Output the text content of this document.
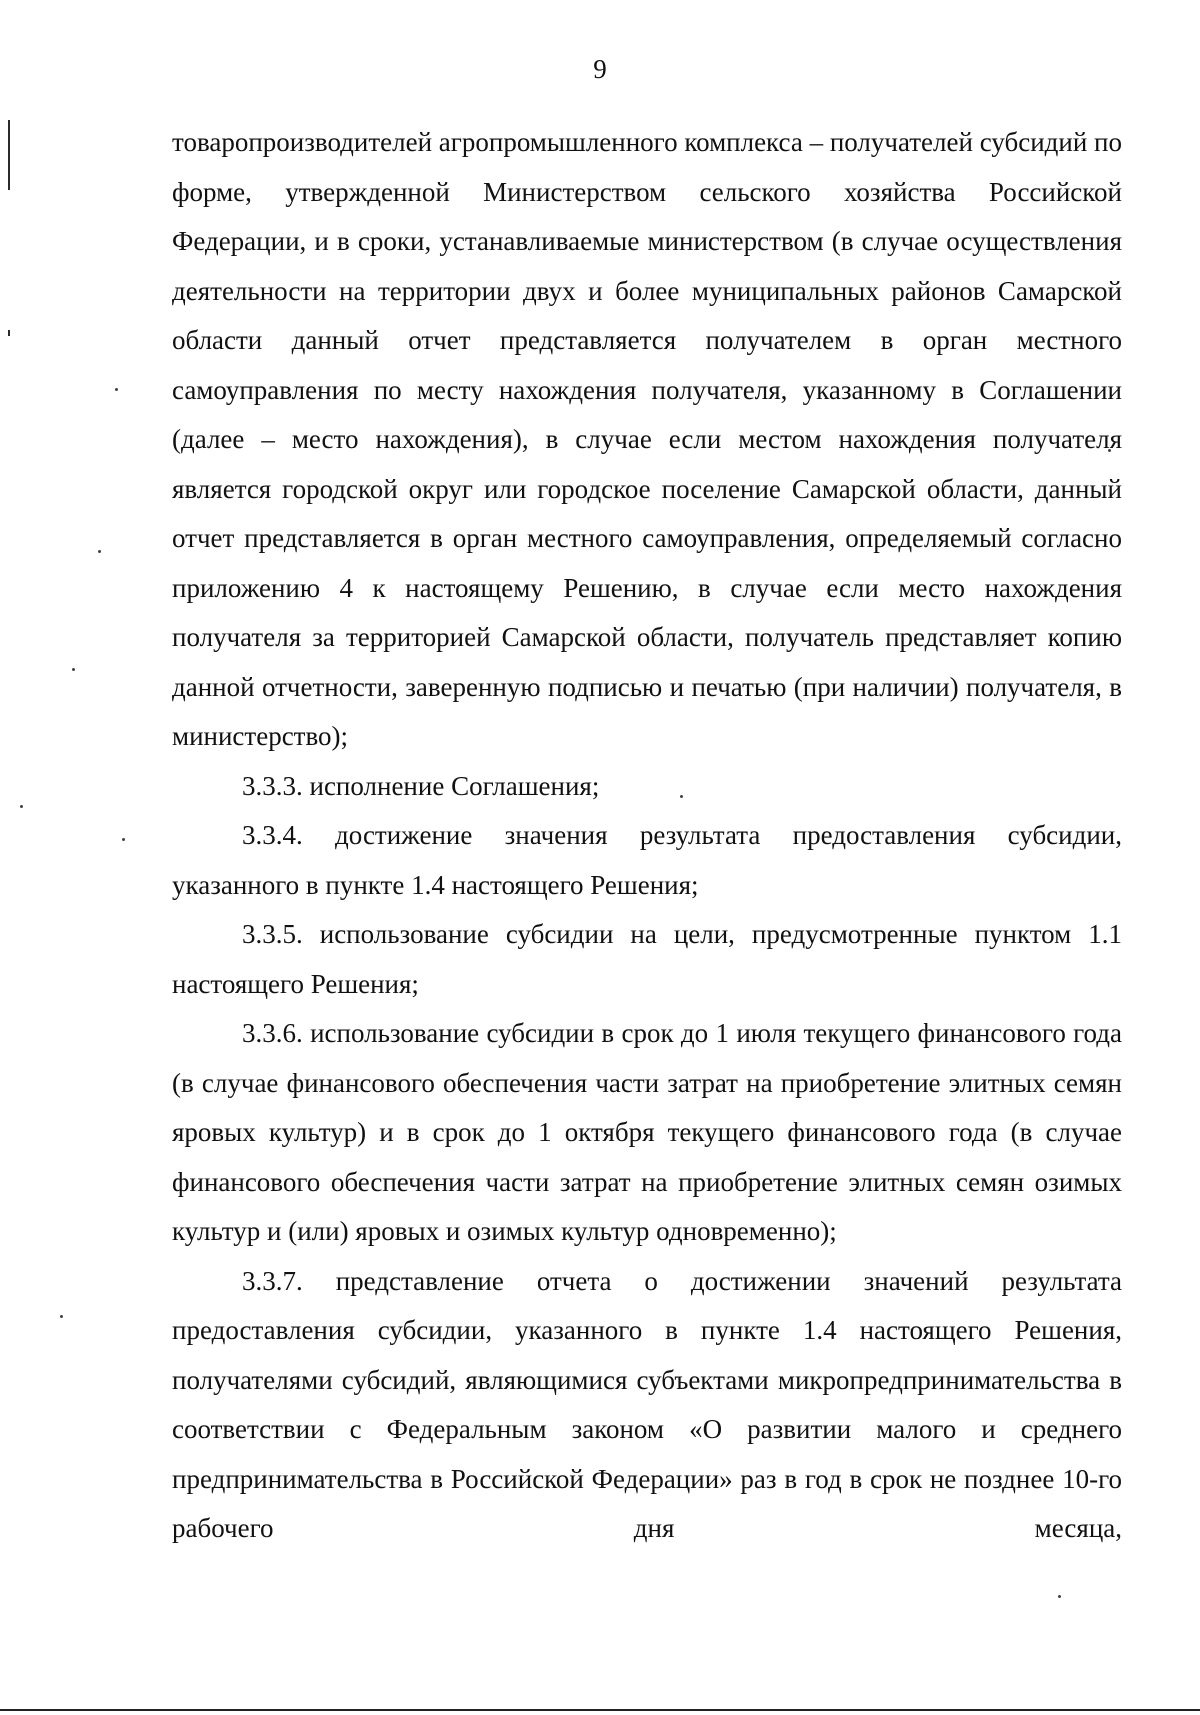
9

товаропроизводителей агропромышленного комплекса – получателей субсидий по форме, утвержденной Министерством сельского хозяйства Российской Федерации, и в сроки, устанавливаемые министерством (в случае осуществления деятельности на территории двух и более муниципальных районов Самарской области данный отчет представляется получателем в орган местного самоуправления по месту нахождения получателя, указанному в Соглашении (далее – место нахождения), в случае если местом нахождения получателя является городской округ или городское поселение Самарской области, данный отчет представляется в орган местного самоуправления, определяемый согласно приложению 4 к настоящему Решению, в случае если место нахождения получателя за территорией Самарской области, получатель представляет копию данной отчетности, заверенную подписью и печатью (при наличии) получателя, в министерство);

3.3.3. исполнение Соглашения;

3.3.4. достижение значения результата предоставления субсидии, указанного в пункте 1.4 настоящего Решения;

3.3.5. использование субсидии на цели, предусмотренные пунктом 1.1 настоящего Решения;

3.3.6. использование субсидии в срок до 1 июля текущего финансового года (в случае финансового обеспечения части затрат на приобретение элитных семян яровых культур) и в срок до 1 октября текущего финансового года (в случае финансового обеспечения части затрат на приобретение элитных семян озимых культур и (или) яровых и озимых культур одновременно);

3.3.7. представление отчета о достижении значений результата предоставления субсидии, указанного в пункте 1.4 настоящего Решения, получателями субсидий, являющимися субъектами микропредпринимательства в соответствии с Федеральным законом «О развитии малого и среднего предпринимательства в Российской Федерации» раз в год в срок не позднее 10-го рабочего дня месяца,
